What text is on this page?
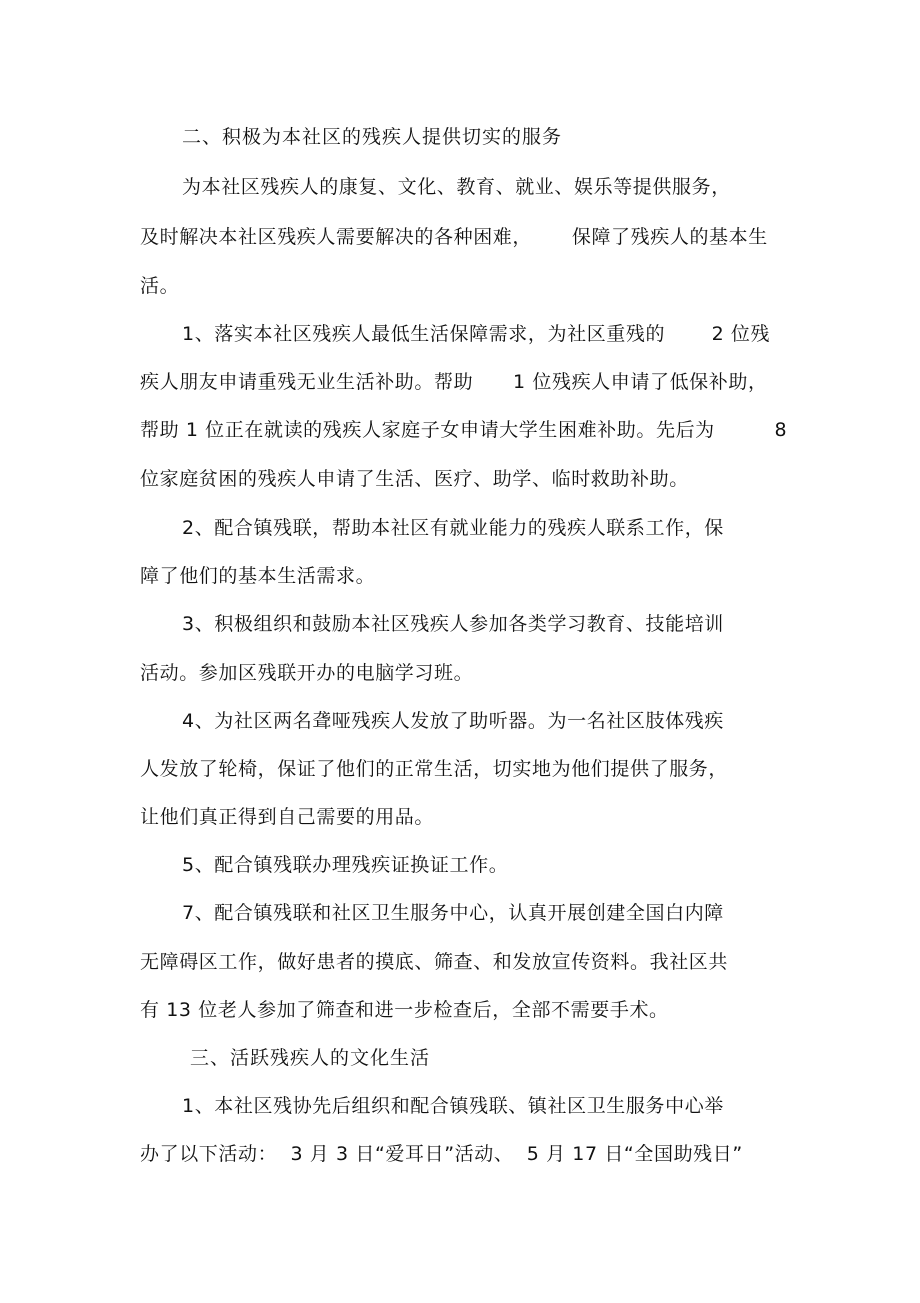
二、积极为本社区的残疾人提供切实的服务

为本社区残疾人的康复、文化、教育、就业、娱乐等提供服务，

及时解决本社区残疾人需要解决的各种困难，      保障了残疾人的基本生

活。

1、落实本社区残疾人最低生活保障需求，为社区重残的       2 位残

疾人朋友申请重残无业生活补助。帮助      1 位残疾人申请了低保补助，

帮助 1 位正在就读的残疾人家庭子女申请大学生困难补助。先后为         8

位家庭贫困的残疾人申请了生活、医疗、助学、临时救助补助。

2、配合镇残联，帮助本社区有就业能力的残疾人联系工作，保

障了他们的基本生活需求。

3、积极组织和鼓励本社区残疾人参加各类学习教育、技能培训

活动。参加区残联开办的电脑学习班。

4、为社区两名聋哑残疾人发放了助听器。为一名社区肢体残疾

人发放了轮椅，保证了他们的正常生活，切实地为他们提供了服务，

让他们真正得到自己需要的用品。

5、配合镇残联办理残疾证换证工作。

7、配合镇残联和社区卫生服务中心，认真开展创建全国白内障

无障碍区工作，做好患者的摸底、筛查、和发放宣传资料。我社区共

有 13 位老人参加了筛查和进一步检查后，全部不需要手术。

三、活跃残疾人的文化生活

1、本社区残协先后组织和配合镇残联、镇社区卫生服务中心举

办了以下活动：  3 月 3 日“爱耳日”活动、  5 月 17 日“全国助残日”
